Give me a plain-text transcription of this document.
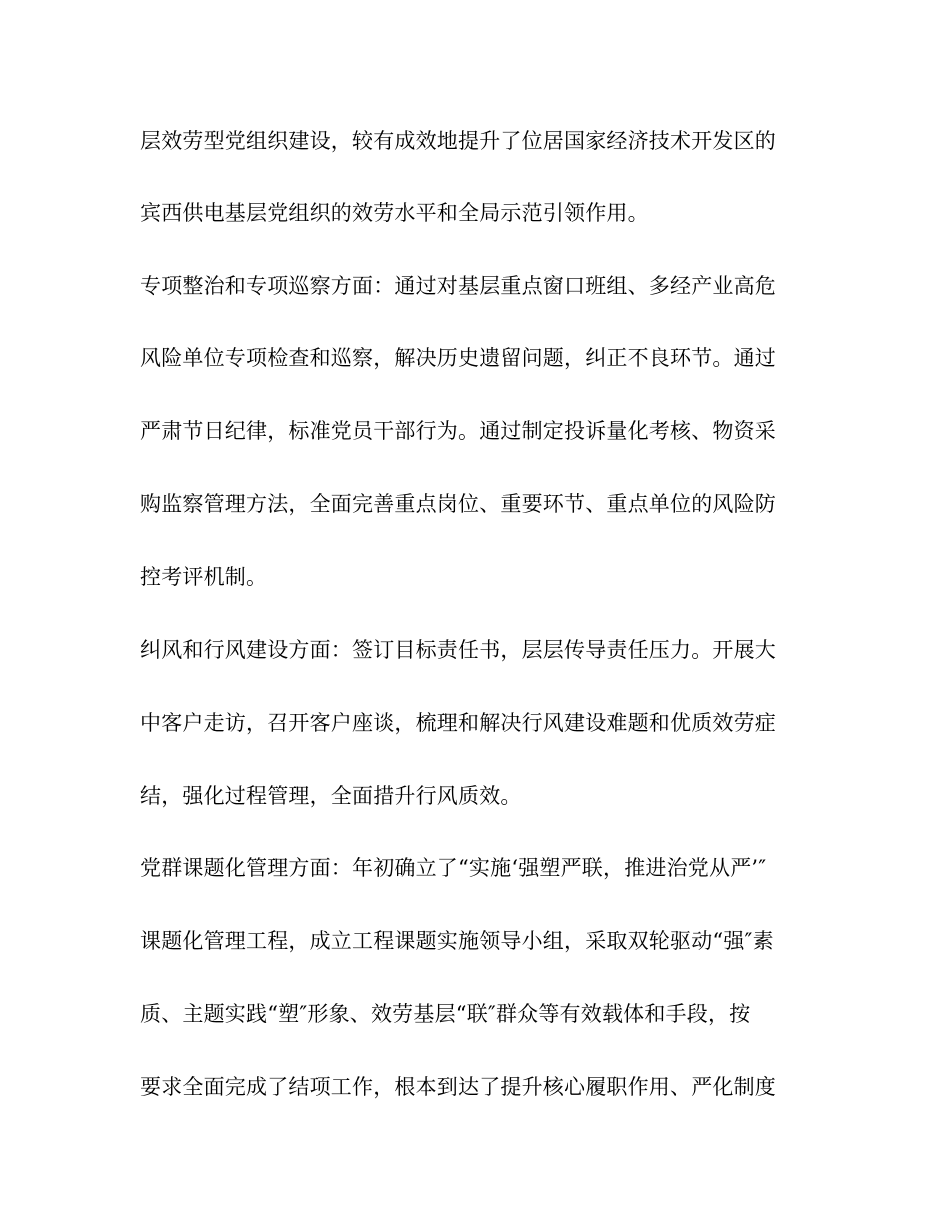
层效劳型党组织建设，较有成效地提升了位居国家经济技术开发区的
宾西供电基层党组织的效劳水平和全局示范引领作用。
专项整治和专项巡察方面：通过对基层重点窗口班组、多经产业高危
风险单位专项检查和巡察，解决历史遗留问题，纠正不良环节。通过
严肃节日纪律，标准党员干部行为。通过制定投诉量化考核、物资采
购监察管理方法，全面完善重点岗位、重要环节、重点单位的风险防
控考评机制。
纠风和行风建设方面：签订目标责任书，层层传导责任压力。开展大
中客户走访，召开客户座谈，梳理和解决行风建设难题和优质效劳症
结，强化过程管理，全面措升行风质效。
党群课题化管理方面：年初确立了“实施‘强塑严联，推进治党从严’″
课题化管理工程，成立工程课题实施领导小组，采取双轮驱动“强″素
质、主题实践“塑″形象、效劳基层“联″群众等有效载体和手段，按
要求全面完成了结项工作，根本到达了提升核心履职作用、严化制度
